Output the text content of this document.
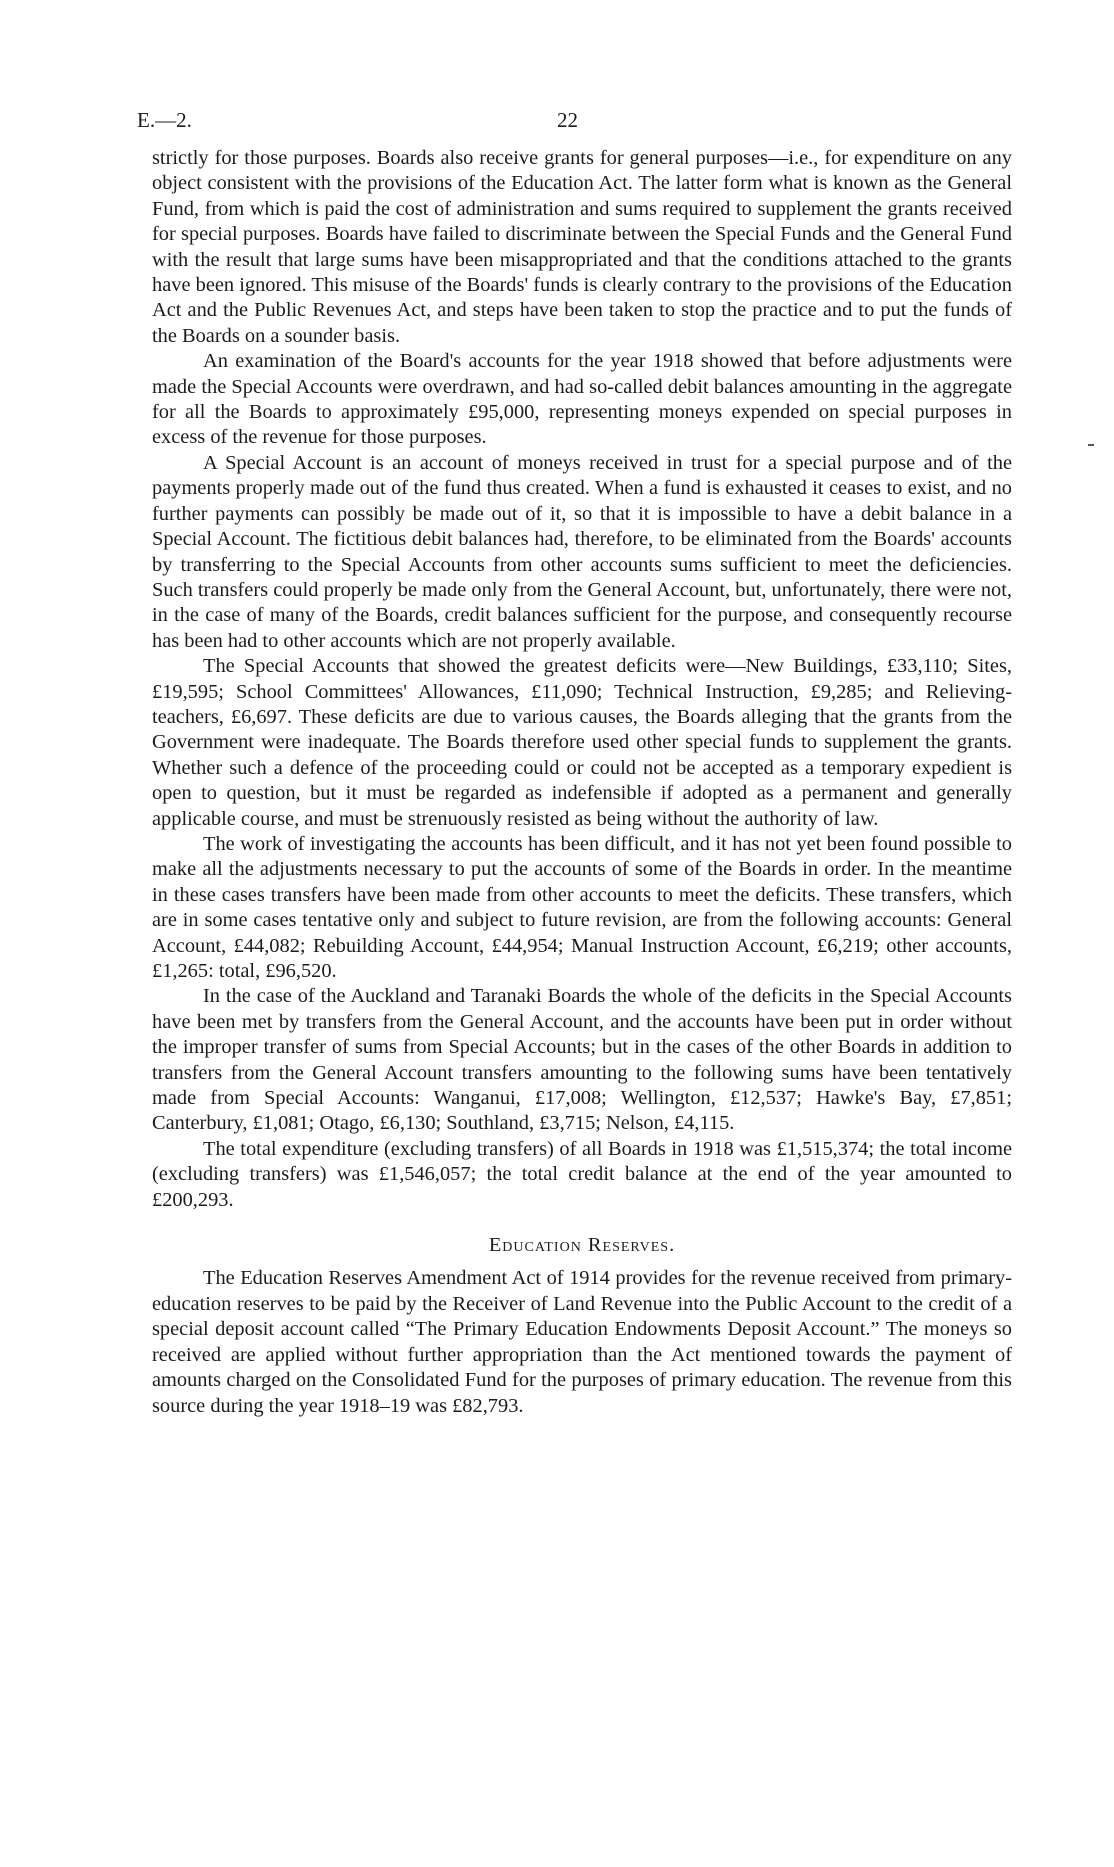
E.—2.	22

strictly for those purposes. Boards also receive grants for general purposes—i.e., for expenditure on any object consistent with the provisions of the Education Act. The latter form what is known as the General Fund, from which is paid the cost of administration and sums required to supplement the grants received for special purposes. Boards have failed to discriminate between the Special Funds and the General Fund with the result that large sums have been misappropriated and that the conditions attached to the grants have been ignored. This misuse of the Boards' funds is clearly contrary to the provisions of the Education Act and the Public Revenues Act, and steps have been taken to stop the practice and to put the funds of the Boards on a sounder basis.

An examination of the Board's accounts for the year 1918 showed that before adjustments were made the Special Accounts were overdrawn, and had so-called debit balances amounting in the aggregate for all the Boards to approximately £95,000, representing moneys expended on special purposes in excess of the revenue for those purposes.

A Special Account is an account of moneys received in trust for a special purpose and of the payments properly made out of the fund thus created. When a fund is exhausted it ceases to exist, and no further payments can possibly be made out of it, so that it is impossible to have a debit balance in a Special Account. The fictitious debit balances had, therefore, to be eliminated from the Boards' accounts by transferring to the Special Accounts from other accounts sums sufficient to meet the deficiencies. Such transfers could properly be made only from the General Account, but, unfortunately, there were not, in the case of many of the Boards, credit balances sufficient for the purpose, and consequently recourse has been had to other accounts which are not properly available.

The Special Accounts that showed the greatest deficits were—New Buildings, £33,110; Sites, £19,595; School Committees' Allowances, £11,090; Technical Instruction, £9,285; and Relieving-teachers, £6,697. These deficits are due to various causes, the Boards alleging that the grants from the Government were inadequate. The Boards therefore used other special funds to supplement the grants. Whether such a defence of the proceeding could or could not be accepted as a temporary expedient is open to question, but it must be regarded as indefensible if adopted as a permanent and generally applicable course, and must be strenuously resisted as being without the authority of law.

The work of investigating the accounts has been difficult, and it has not yet been found possible to make all the adjustments necessary to put the accounts of some of the Boards in order. In the meantime in these cases transfers have been made from other accounts to meet the deficits. These transfers, which are in some cases tentative only and subject to future revision, are from the following accounts: General Account, £44,082; Rebuilding Account, £44,954; Manual Instruction Account, £6,219; other accounts, £1,265: total, £96,520.

In the case of the Auckland and Taranaki Boards the whole of the deficits in the Special Accounts have been met by transfers from the General Account, and the accounts have been put in order without the improper transfer of sums from Special Accounts; but in the cases of the other Boards in addition to transfers from the General Account transfers amounting to the following sums have been tentatively made from Special Accounts: Wanganui, £17,008; Wellington, £12,537; Hawke's Bay, £7,851; Canterbury, £1,081; Otago, £6,130; Southland, £3,715; Nelson, £4,115.

The total expenditure (excluding transfers) of all Boards in 1918 was £1,515,374; the total income (excluding transfers) was £1,546,057; the total credit balance at the end of the year amounted to £200,293.

Education Reserves.

The Education Reserves Amendment Act of 1914 provides for the revenue received from primary-education reserves to be paid by the Receiver of Land Revenue into the Public Account to the credit of a special deposit account called “The Primary Education Endowments Deposit Account.” The moneys so received are applied without further appropriation than the Act mentioned towards the payment of amounts charged on the Consolidated Fund for the purposes of primary education. The revenue from this source during the year 1918–19 was £82,793.
